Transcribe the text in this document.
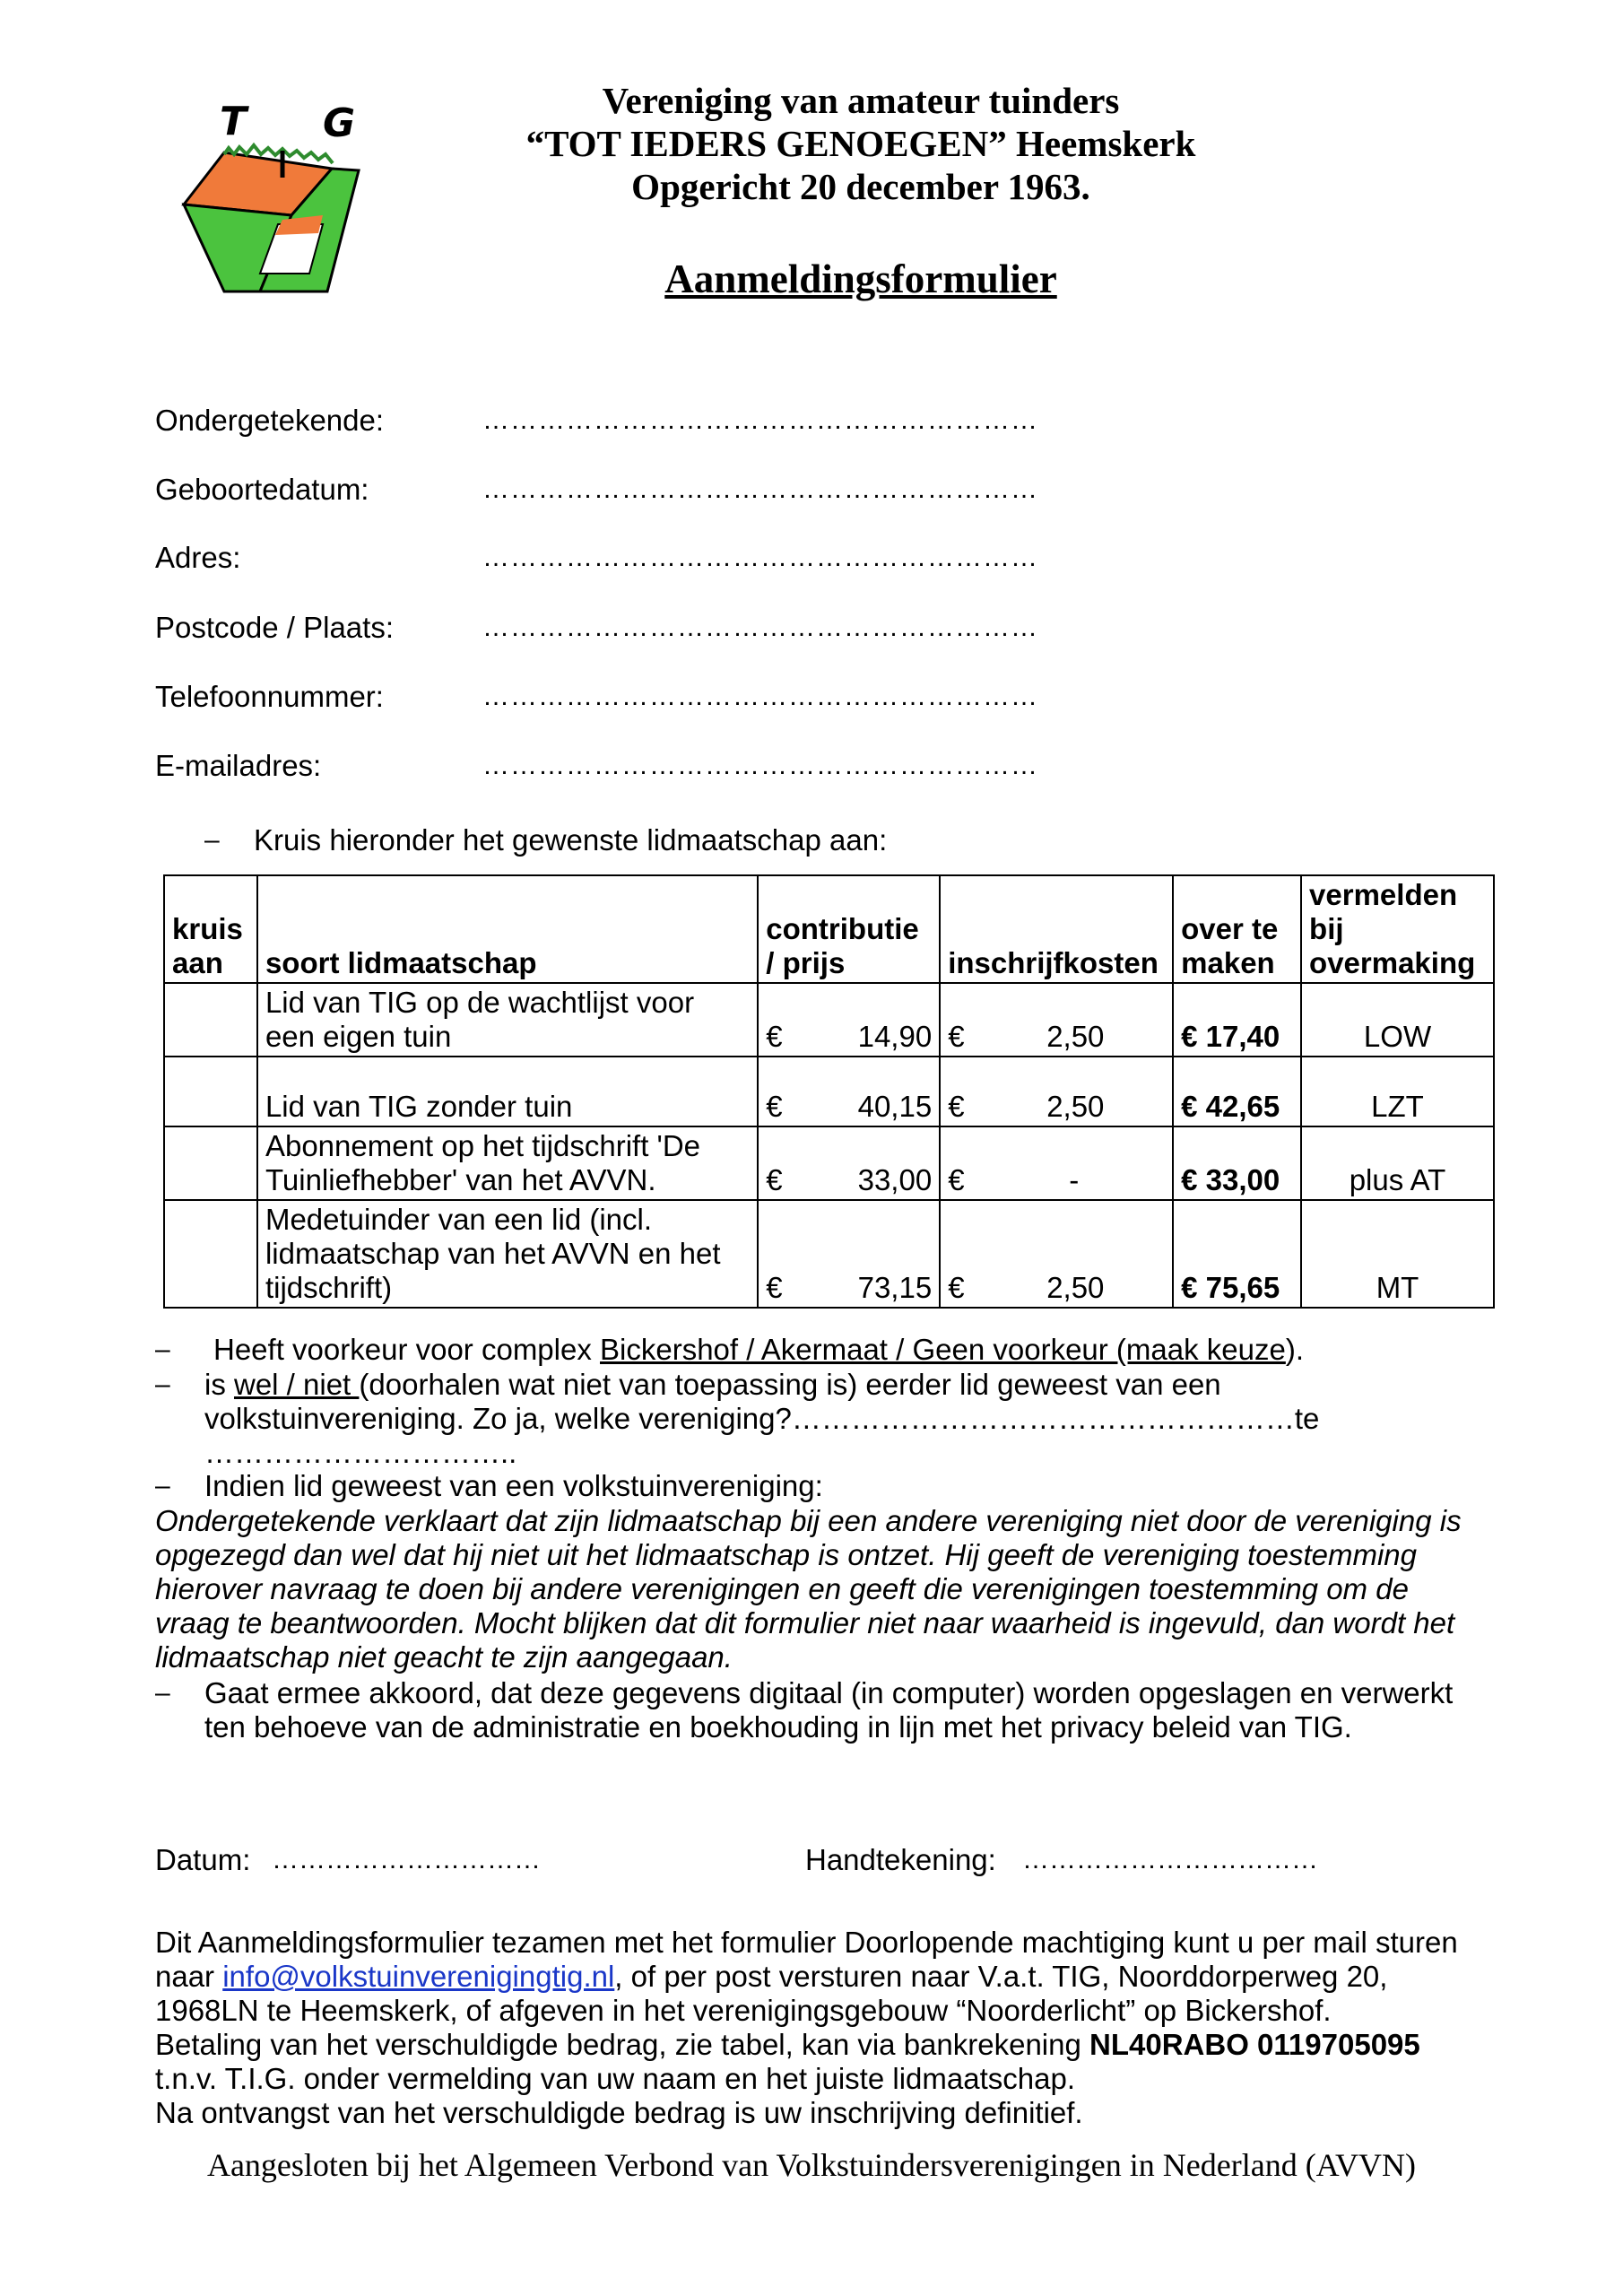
T G	Vereniging van amateur tuinders
“TOT IEDERS GENOEGEN” Heemskerk
Opgericht 20 december 1963.
Aanmeldingsformulier
Ondergetekende:	……………………………………………………
Geboortedatum:	……………………………………………………
Adres:	……………………………………………………
Postcode / Plaats:	……………………………………………………
Telefoonnummer:	……………………………………………………
E-mailadres:	……………………………………………………
– Kruis hieronder het gewenste lidmaatschap aan:
kruis aan	soort lidmaatschap	contributie / prijs	inschrijfkosten	over te maken	vermelden bij overmaking
	Lid van TIG op de wachtlijst voor een eigen tuin	€ 14,90	€ 2,50	€ 17,40	LOW
	Lid van TIG zonder tuin	€ 40,15	€ 2,50	€ 42,65	LZT
	Abonnement op het tijdschrift 'De Tuinliefhebber' van het AVVN.	€ 33,00	€ -	€ 33,00	plus AT
	Medetuinder van een lid (incl. lidmaatschap van het AVVN en het tijdschrift)	€ 73,15	€ 2,50	€ 75,65	MT
– Heeft voorkeur voor complex Bickershof / Akermaat / Geen voorkeur (maak keuze).
– is wel / niet (doorhalen wat niet van toepassing is) eerder lid geweest van een
volkstuinvereniging. Zo ja, welke vereniging?……………………………………………te
…………………………..
– Indien lid geweest van een volkstuinvereniging:
Ondergetekende verklaart dat zijn lidmaatschap bij een andere vereniging niet door de vereniging is opgezegd dan wel dat hij niet uit het lidmaatschap is ontzet. Hij geeft de vereniging toestemming hierover navraag te doen bij andere verenigingen en geeft die verenigingen toestemming om de vraag te beantwoorden. Mocht blijken dat dit formulier niet naar waarheid is ingevuld, dan wordt het lidmaatschap niet geacht te zijn aangegaan.
– Gaat ermee akkoord, dat deze gegevens digitaal (in computer) worden opgeslagen en verwerkt ten behoeve van de administratie en boekhouding in lijn met het privacy beleid van TIG.
Datum: …………………………	Handtekening: ……………………………
Dit Aanmeldingsformulier tezamen met het formulier Doorlopende machtiging kunt u per mail sturen naar info@volkstuinverenigingtig.nl, of per post versturen naar V.a.t. TIG, Noorddorperweg 20, 1968LN te Heemskerk, of afgeven in het verenigingsgebouw “Noorderlicht” op Bickershof.
Betaling van het verschuldigde bedrag, zie tabel, kan via bankrekening NL40RABO 0119705095 t.n.v. T.I.G. onder vermelding van uw naam en het juiste lidmaatschap.
Na ontvangst van het verschuldigde bedrag is uw inschrijving definitief.
Aangesloten bij het Algemeen Verbond van Volkstuindersverenigingen in Nederland (AVVN)
